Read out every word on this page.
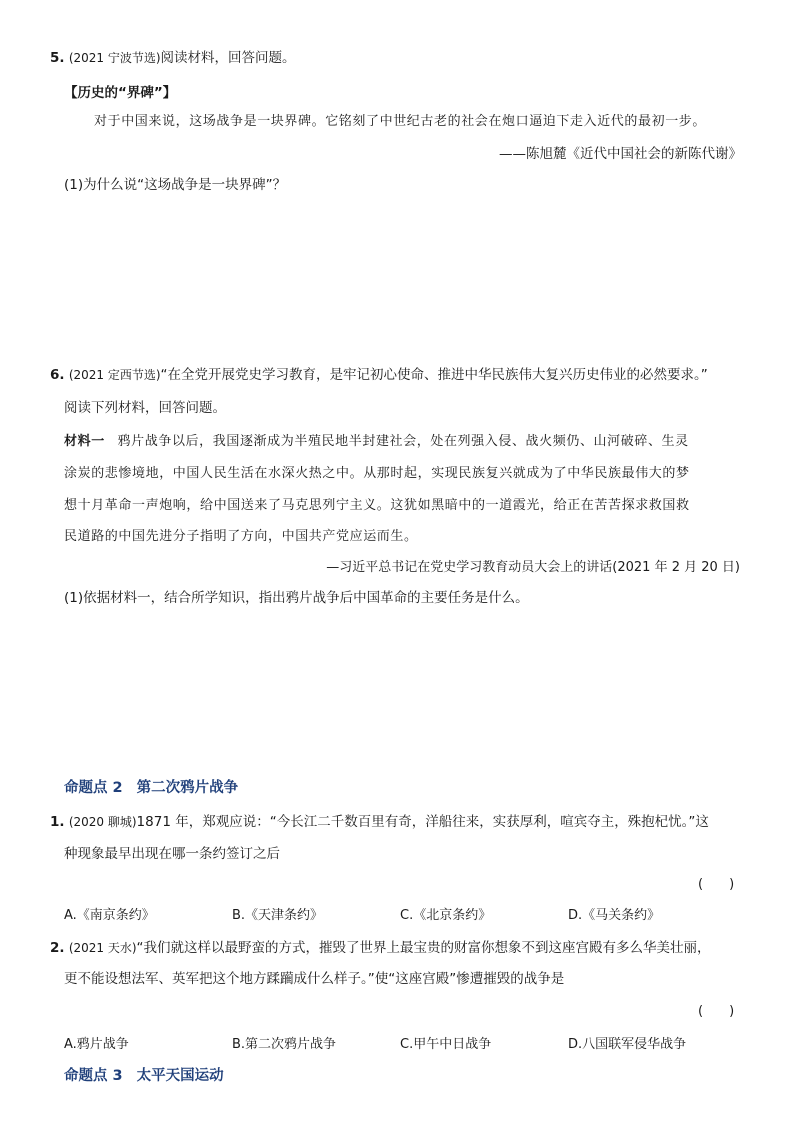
5. (2021 宁波节选)阅读材料，回答问题。
【历史的“界碑”】
对于中国来说，这场战争是一块界碑。它铭刻了中世纪古老的社会在炮口逼迫下走入近代的最初一步。
——陈旭麓《近代中国社会的新陈代谢》
(1)为什么说“这场战争是一块界碑”？
6. (2021 定西节选)“在全党开展党史学习教育，是牢记初心使命、推进中华民族伟大复兴历史伟业的必然要求。”
阅读下列材料，回答问题。
材料一 鸦片战争以后，我国逐渐成为半殖民地半封建社会，处在列强入侵、战火频仍、山河破碎、生灵
涂炭的悲惨境地，中国人民生活在水深火热之中。从那时起，实现民族复兴就成为了中华民族最伟大的梦
想十月革命一声炮响，给中国送来了马克思列宁主义。这犹如黑暗中的一道霞光，给正在苦苦探求救国救
民道路的中国先进分子指明了方向，中国共产党应运而生。
—习近平总书记在党史学习教育动员大会上的讲话(2021 年 2 月 20 日)
(1)依据材料一，结合所学知识，指出鸦片战争后中国革命的主要任务是什么。
命题点 2 第二次鸦片战争
1. (2020 聊城)1871 年，郑观应说：“今长江二千数百里有奇，洋船往来，实获厚利，喧宾夺主，殊抱杞忧。”这
种现象最早出现在哪一条约签订之后
(　　)
A.《南京条约》	B.《天津条约》	C.《北京条约》	D.《马关条约》
2. (2021 天水)“我们就这样以最野蛮的方式，摧毁了世界上最宝贵的财富你想象不到这座宫殿有多么华美壮丽，
更不能设想法军、英军把这个地方蹂躏成什么样子。”使“这座宫殿”惨遭摧毁的战争是
(　　)
A.鸦片战争	B.第二次鸦片战争	C.甲午中日战争	D.八国联军侵华战争
命题点 3 太平天国运动
